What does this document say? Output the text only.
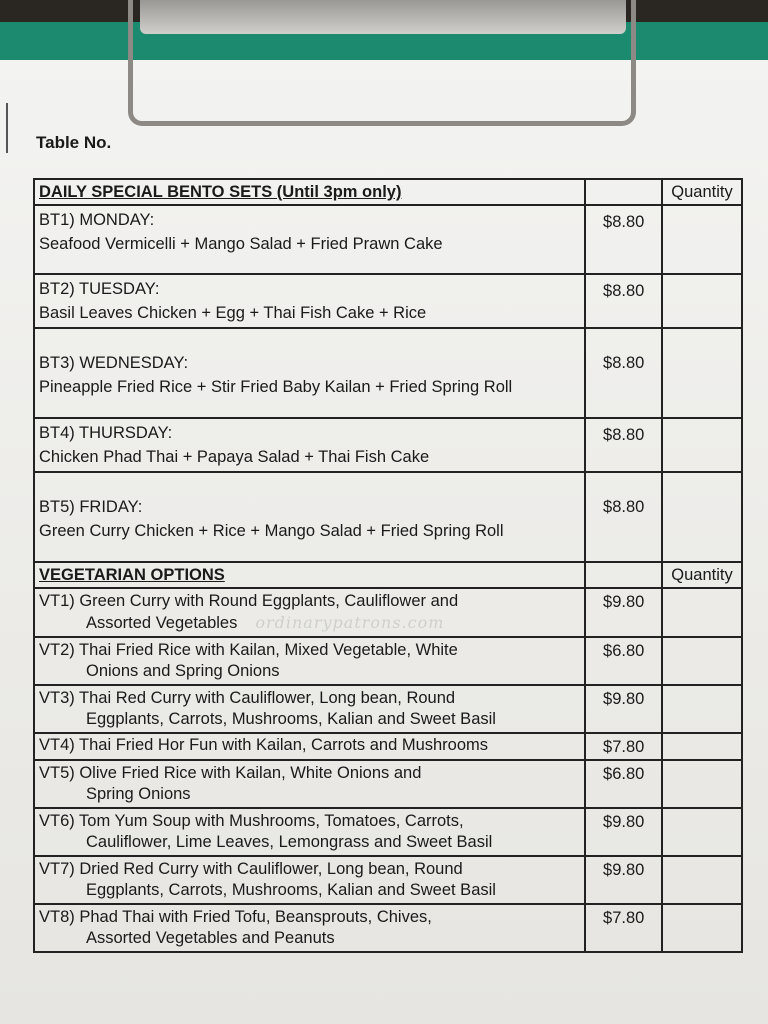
Table No.
DAILY SPECIAL BENTO SETS (Until 3pm only)		Quantity

BT1) MONDAY:
Seafood Vermicelli + Mango Salad + Fried Prawn Cake	$8.80	

BT2) TUESDAY:
Basil Leaves Chicken + Egg + Thai Fish Cake + Rice	$8.80	

BT3) WEDNESDAY:
Pineapple Fried Rice + Stir Fried Baby Kailan + Fried Spring Roll	$8.80	

BT4) THURSDAY:
Chicken Phad Thai + Papaya Salad + Thai Fish Cake	$8.80	

BT5) FRIDAY:
Green Curry Chicken + Rice + Mango Salad + Fried Spring Roll	$8.80	
VEGETARIAN OPTIONS		Quantity

VT1) Green Curry with Round Eggplants, Cauliflower and
Assorted Vegetables ordinarypatrons.com	$9.80	

VT2) Thai Fried Rice with Kailan, Mixed Vegetable, White
Onions and Spring Onions	$6.80	

VT3) Thai Red Curry with Cauliflower, Long bean, Round
Eggplants, Carrots, Mushrooms, Kalian and Sweet Basil	$9.80	

VT4) Thai Fried Hor Fun with Kailan, Carrots and Mushrooms	$7.80	

VT5) Olive Fried Rice with Kailan, White Onions and
Spring Onions	$6.80	

VT6) Tom Yum Soup with Mushrooms, Tomatoes, Carrots,
Cauliflower, Lime Leaves, Lemongrass and Sweet Basil	$9.80	

VT7) Dried Red Curry with Cauliflower, Long bean, Round
Eggplants, Carrots, Mushrooms, Kalian and Sweet Basil	$9.80	

VT8) Phad Thai with Fried Tofu, Beansprouts, Chives,
Assorted Vegetables and Peanuts	$7.80	
